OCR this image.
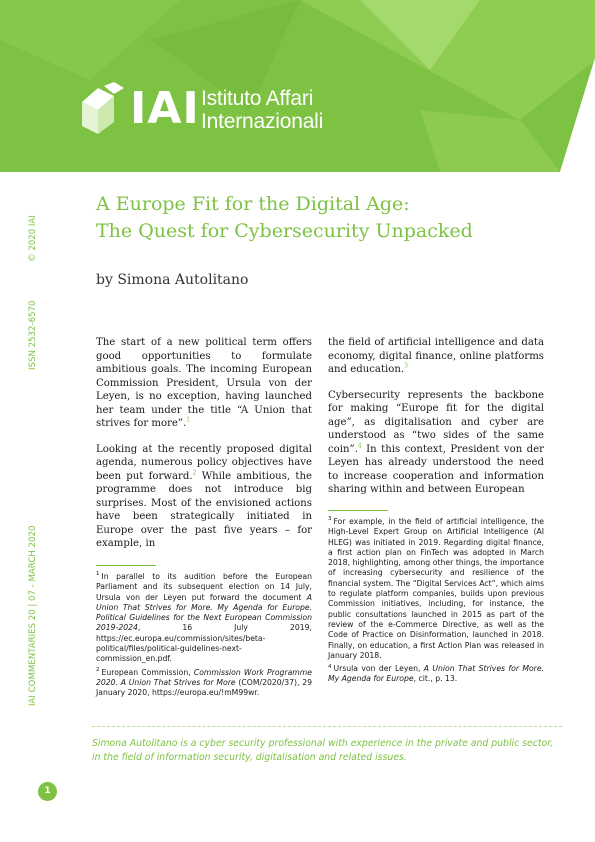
IAI Istituto Affari
Internazionali
© 2020 IAI
ISSN 2532-6570
IAI COMMENTARIES 20 | 07 - MARCH 2020
A Europe Fit for the Digital Age:
The Quest for Cybersecurity Unpacked
by Simona Autolitano

The start of a new political term offers good opportunities to formulate ambitious goals. The incoming European Commission President, Ursula von der Leyen, is no exception, having launched her team under the title “A Union that strives for more”.$^1$

Looking at the recently proposed digital agenda, numerous policy objectives have been put forward.$^2$ While ambitious, the programme does not introduce big surprises. Most of the envisioned actions have been strategically initiated in Europe over the past five years – for example, in

the field of artificial intelligence and data economy, digital finance, online platforms and education.$^3$

Cybersecurity represents the backbone for making “Europe fit for the digital age”, as digitalisation and cyber are understood as “two sides of the same coin”.$^4$ In this context, President von der Leyen has already understood the need to increase cooperation and information sharing within and between European

$^1$ In parallel to its audition before the European Parliament and its subsequent election on 14 July, Ursula von der Leyen put forward the document A Union That Strives for More. My Agenda for Europe. Political Guidelines for the Next European Commission 2019-2024, 16 July 2019, https://ec.europa.eu/commission/sites/beta-political/files/political-guidelines-next-commission_en.pdf.

$^2$ European Commission, Commission Work Programme 2020. A Union That Strives for More (COM/2020/37), 29 January 2020, https://europa.eu/!mM99wr.

$^3$ For example, in the field of artificial intelligence, the High-Level Expert Group on Artificial Intelligence (AI HLEG) was initiated in 2019. Regarding digital finance, a first action plan on FinTech was adopted in March 2018, highlighting, among other things, the importance of increasing cybersecurity and resilience of the financial system. The “Digital Services Act”, which aims to regulate platform companies, builds upon previous Commission initiatives, including, for instance, the public consultations launched in 2015 as part of the review of the e-Commerce Directive, as well as the Code of Practice on Disinformation, launched in 2018. Finally, on education, a first Action Plan was released in January 2018.

$^4$ Ursula von der Leyen, A Union That Strives for More. My Agenda for Europe, cit., p. 13.

Simona Autolitano is a cyber security professional with experience in the private and public sector, in the field of information security, digitalisation and related issues.
1
